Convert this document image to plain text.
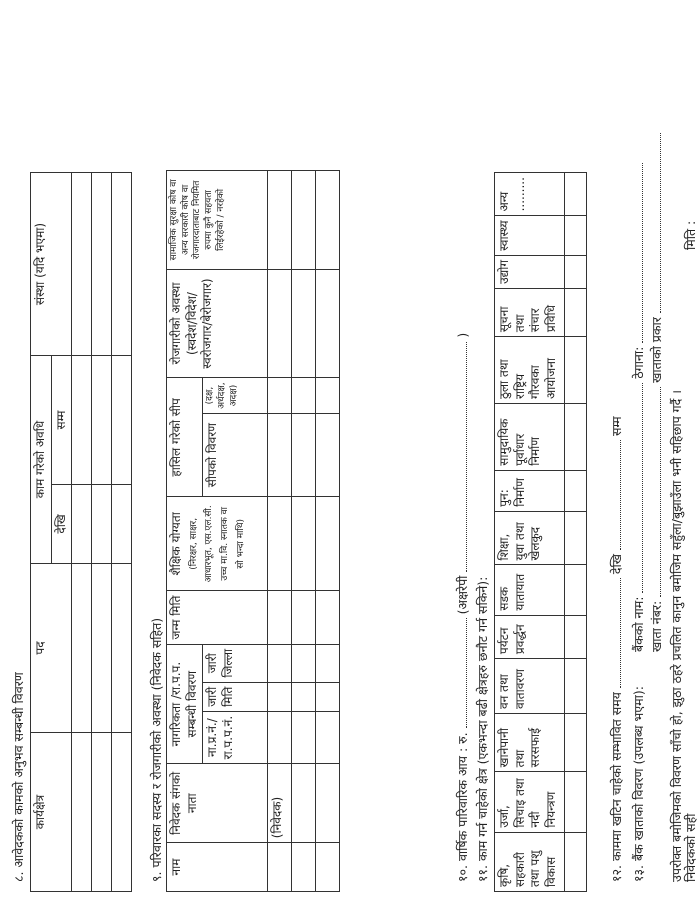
८. आवेदकको कामको अनुभव सम्बन्धी विवरण कार्यक्षेत्र	पद	काम गरेको अवधि		संस्था (यदि भएमा)
		देखि	सम्म	

९. परिवारका सदस्य र रोजगारीको अवस्था (निवेदक सहित) नाम	निवेदक संगको नाता	नागरिकता /रा.प.प. सम्बन्धी विवरण			जन्म मिति	शैक्षिक योग्यता (निरक्षर, साक्षर, आधारभूत, एस.एल.सी. उच्च मा.वि. स्नातक वा सो भन्दा माथि)	हासिल गरेको सीप		रोजगारीको अवस्था (स्वदेश/विदेश/स्वरोजगार/बेरोजगार)	सामाजिक सुरक्षा कोष वा अन्य सरकारी कोष वा रोजगारदाताबाट नियमित रुपमा कुनै सहयता लिईरहेको / नरहेको
		ना.प्र.नं./ रा.प.प.नं.	जारी मिति	जारी जिल्ला			सीपको विवरण	(दक्ष, अर्धदक्ष, अदक्ष)		
	(निवेदक)									

											१०. वार्षिक पारिवारिक आय : रु.  (अक्षरेपी  )
११. काम गर्न चाहेको क्षेत्र (एकभन्दा बढी क्षेत्रहरु छनौट गर्न सकिने): कृषि, सहकारी तथा पशु विकास	उर्जा, सिचाइ तथा नदी नियन्त्रण	खानेपानी तथा सरसफाई	वन तथा वातावरण	पर्यटन प्रवर्द्धन	सडक यातायात	शिक्षा, युवा तथा खेलकुद	पुन: निर्माण	सामुदायिक पूर्वाधार निर्माण	ठुला तथा राष्ट्रिय गौरवका आयोजना	सूचना तथा संचार प्रविधि	उद्योग	स्वास्थ्य	अन्य .........

१२. काममा खटिन चाहेको सम्भावित समय  देखि  सम्म
१३. बैंक खाताको विवरण (उपलब्ध भएमा):
बैंकको नाम:  ठेगाना:
खाता नंबर:  खाताको प्रकार
उपरोक्त बमोजिमको विवरण साँचो हो, झुठा ठहरे प्रचलित कानुन बमोजिम सहुँला/बुझाउँला भनी सहिछाप गर्दै । निवेदकको सही
मिति :
